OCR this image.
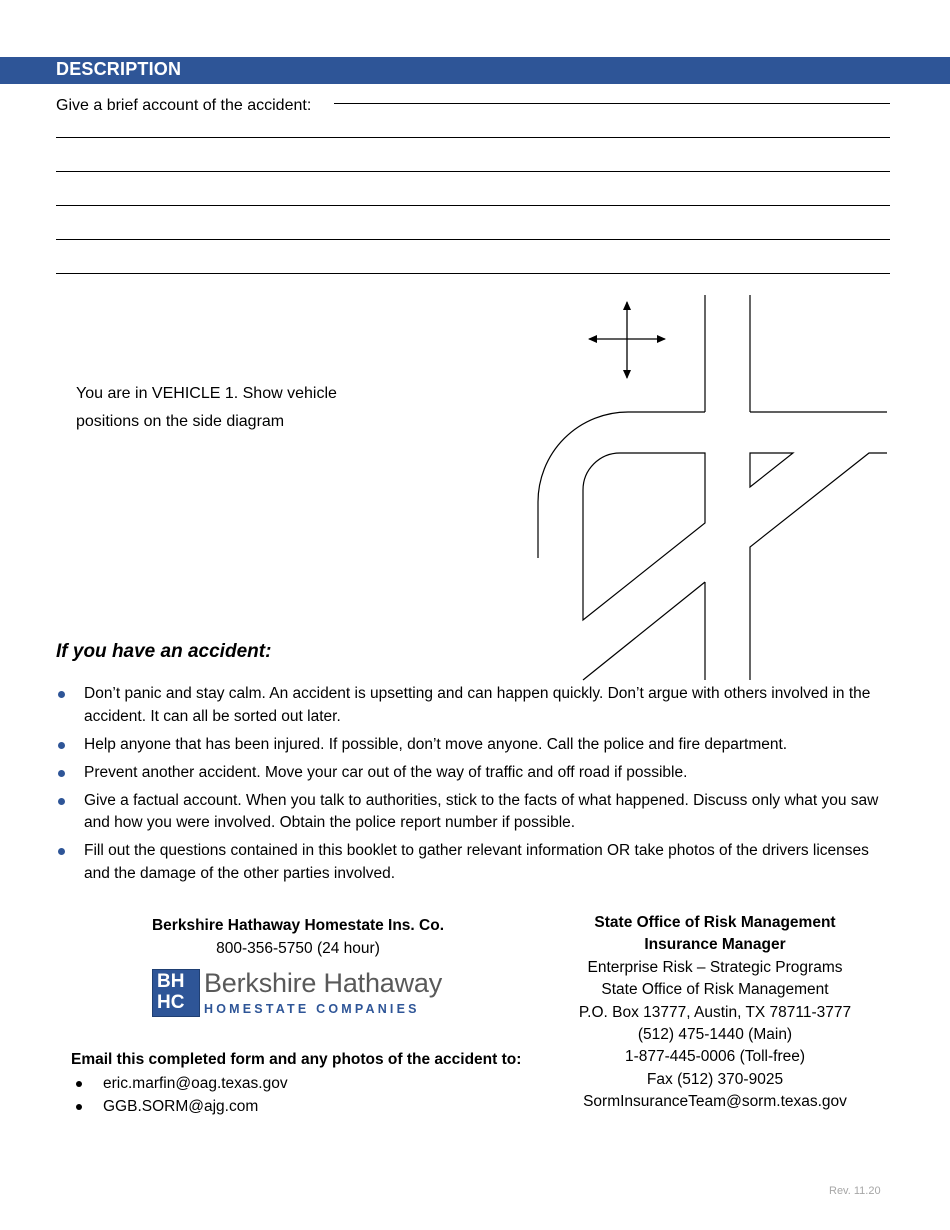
DESCRIPTION
Give a brief account of the accident:
You are in VEHICLE 1. Show vehicle positions on the side diagram
If you have an accident:
Don’t panic and stay calm. An accident is upsetting and can happen quickly. Don’t argue with others involved in the accident. It can all be sorted out later.
Help anyone that has been injured. If possible, don’t move anyone. Call the police and fire department.
Prevent another accident. Move your car out of the way of traffic and off road if possible.
Give a factual account. When you talk to authorities, stick to the facts of what happened. Discuss only what you saw and how you were involved. Obtain the police report number if possible.
Fill out the questions contained in this booklet to gather relevant information OR take photos of the drivers licenses and the damage of the other parties involved.
Berkshire Hathaway Homestate Ins. Co.
800-356-5750 (24 hour)
BH
HC
Berkshire Hathaway
HOMESTATE COMPANIES
Email this completed form and any photos of the accident to:
eric.marfin@oag.texas.gov
GGB.SORM@ajg.com
State Office of Risk Management
Insurance Manager
Enterprise Risk – Strategic Programs
State Office of Risk Management
P.O. Box 13777, Austin, TX 78711-3777
(512) 475-1440 (Main)
1-877-445-0006 (Toll-free)
Fax (512) 370-9025
SormInsuranceTeam@sorm.texas.gov
Rev. 11.20
